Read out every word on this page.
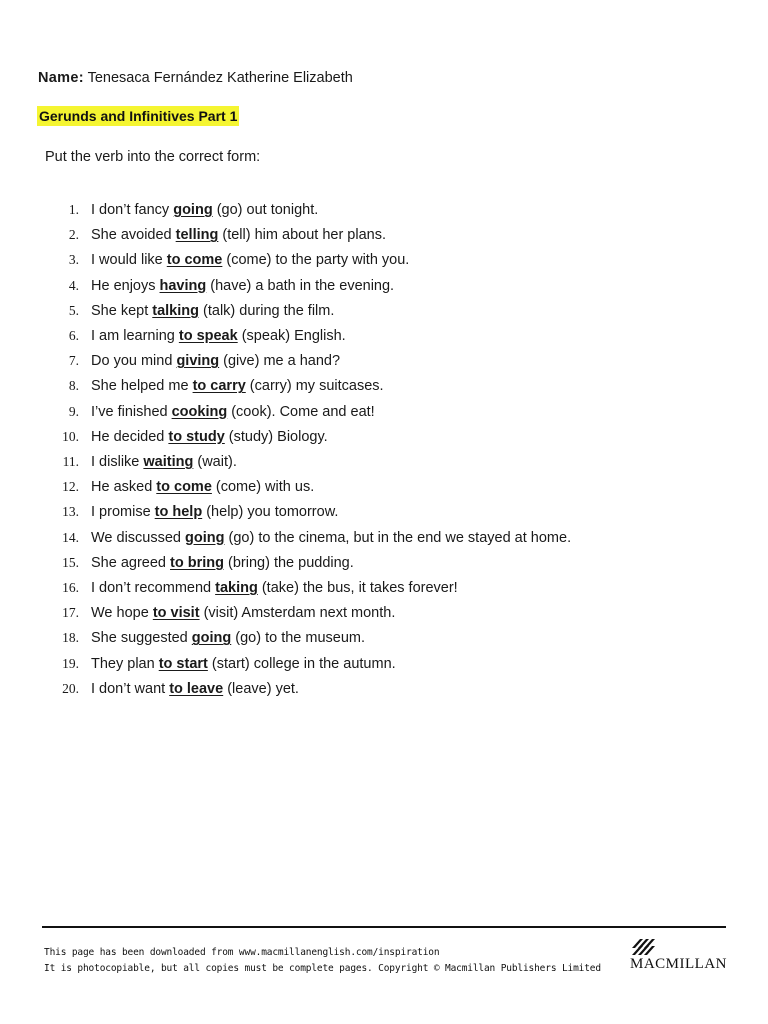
Name: Tenesaca Fernández Katherine Elizabeth
Gerunds and Infinitives Part 1
Put the verb into the correct form:
1. I don’t fancy going (go) out tonight.
2. She avoided telling (tell) him about her plans.
3. I would like to come (come) to the party with you.
4. He enjoys having (have) a bath in the evening.
5. She kept talking (talk) during the film.
6. I am learning to speak (speak) English.
7. Do you mind giving (give) me a hand?
8. She helped me to carry (carry) my suitcases.
9. I’ve finished cooking (cook). Come and eat!
10. He decided to study (study) Biology.
11. I dislike waiting (wait).
12. He asked to come (come) with us.
13. I promise to help (help) you tomorrow.
14. We discussed going (go) to the cinema, but in the end we stayed at home.
15. She agreed to bring (bring) the pudding.
16. I don’t recommend taking (take) the bus, it takes forever!
17. We hope to visit (visit) Amsterdam next month.
18. She suggested going (go) to the museum.
19. They plan to start (start) college in the autumn.
20. I don’t want to leave (leave) yet.
This page has been downloaded from www.macmillanenglish.com/inspiration
It is photocopiable, but all copies must be complete pages. Copyright © Macmillan Publishers Limited MACMILLAN
